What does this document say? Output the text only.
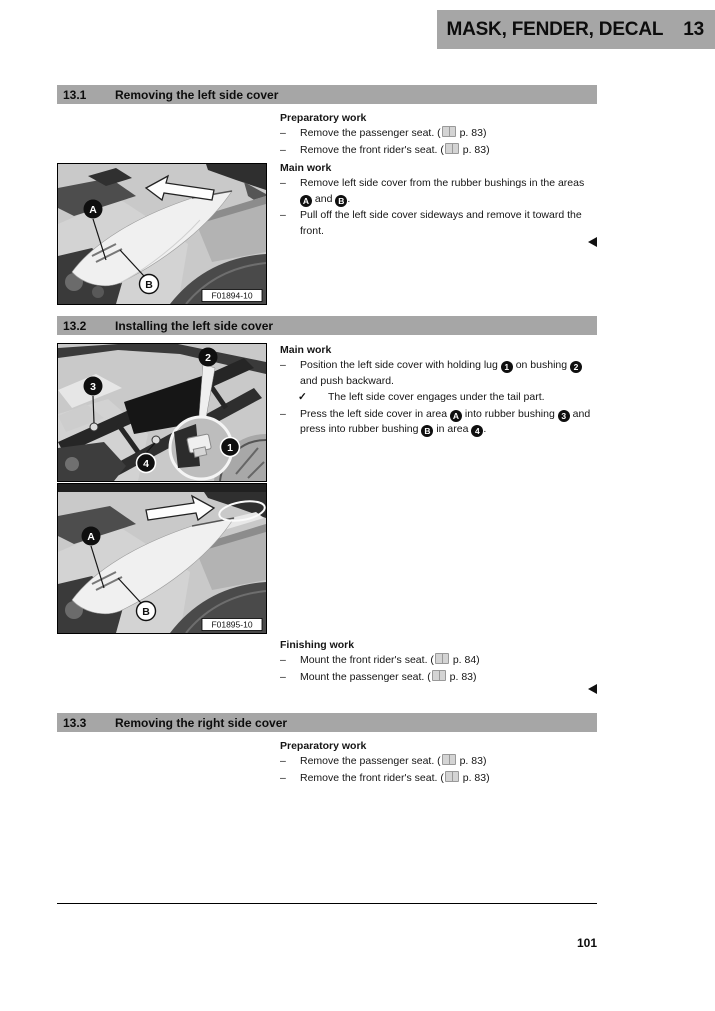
MASK, FENDER, DECAL 13
13.1	Removing the left side cover
Preparatory work
–	Remove the passenger seat. ( p. 83)
–	Remove the front rider's seat. ( p. 83)
Main work
–	Remove left side cover from the rubber bushings in the areas A and B .
–	Pull off the left side cover sideways and remove it toward the front.
A
B
F01894-10
13.2	Installing the left side cover
Main work
–	Position the left side cover with holding lug 1 on bushing 2 and push backward.
✓	The left side cover engages under the tail part.
–	Press the left side cover in area A into rubber bushing 3 and press into rubber bushing B in area 4 .
2
3
4
1
A
B
F01895-10
Finishing work
–	Mount the front rider's seat. ( p. 84)
–	Mount the passenger seat. ( p. 83)
13.3	Removing the right side cover
Preparatory work
–	Remove the passenger seat. ( p. 83)
–	Remove the front rider's seat. ( p. 83)
101
